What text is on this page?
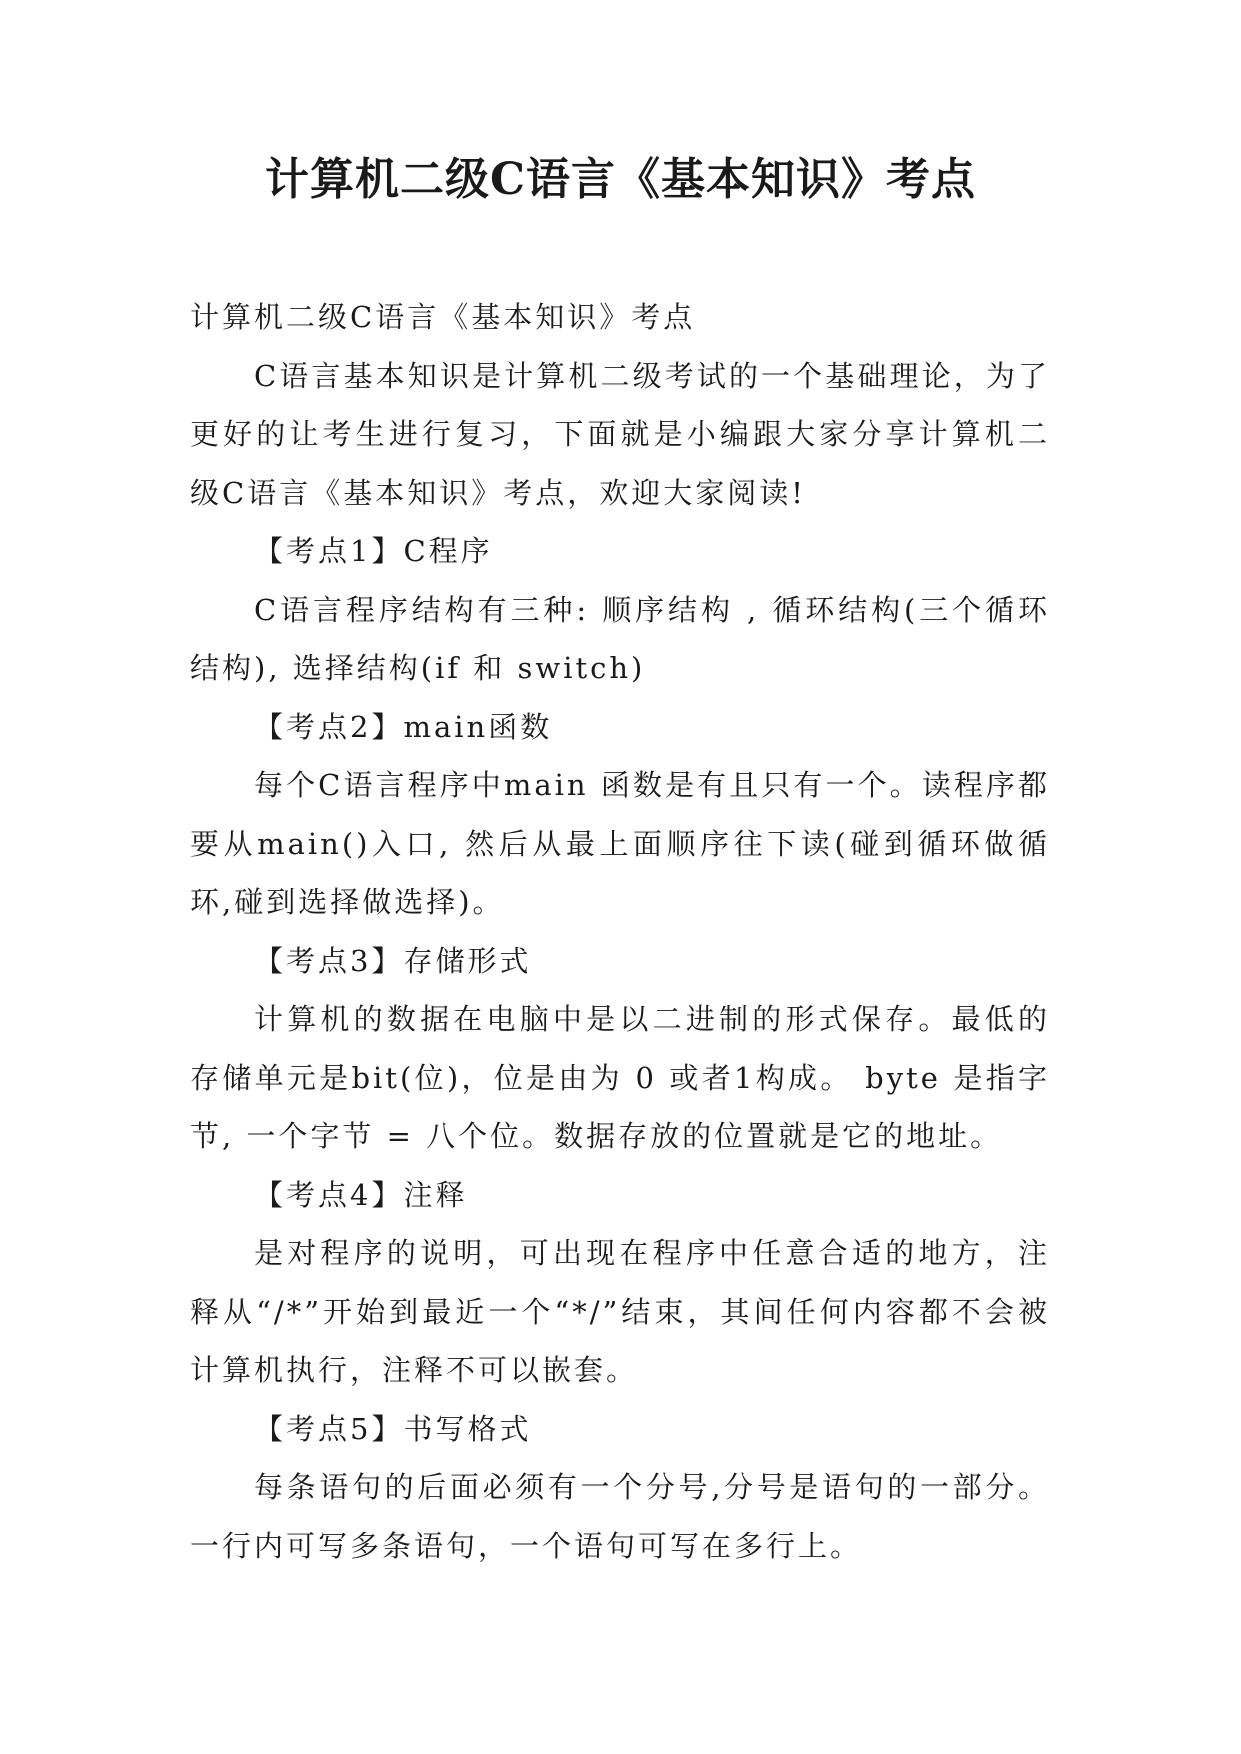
计算机二级C语言《基本知识》考点

计算机二级C语言《基本知识》考点

C语言基本知识是计算机二级考试的一个基础理论，为了更好的让考生进行复习，下面就是小编跟大家分享计算机二级C语言《基本知识》考点，欢迎大家阅读!

【考点1】C程序

C语言程序结构有三种: 顺序结构 , 循环结构(三个循环结构), 选择结构(if 和 switch)

【考点2】main函数

每个C语言程序中main 函数是有且只有一个。读程序都要从main()入口, 然后从最上面顺序往下读(碰到循环做循环,碰到选择做选择)。

【考点3】存储形式

计算机的数据在电脑中是以二进制的形式保存。最低的存储单元是bit(位)，位是由为 0 或者1构成。 byte 是指字节, 一个字节 = 八个位。数据存放的位置就是它的地址。

【考点4】注释

是对程序的说明，可出现在程序中任意合适的地方，注释从“/*”开始到最近一个“*/”结束，其间任何内容都不会被计算机执行，注释不可以嵌套。

【考点5】书写格式

每条语句的后面必须有一个分号,分号是语句的一部分。一行内可写多条语句，一个语句可写在多行上。
